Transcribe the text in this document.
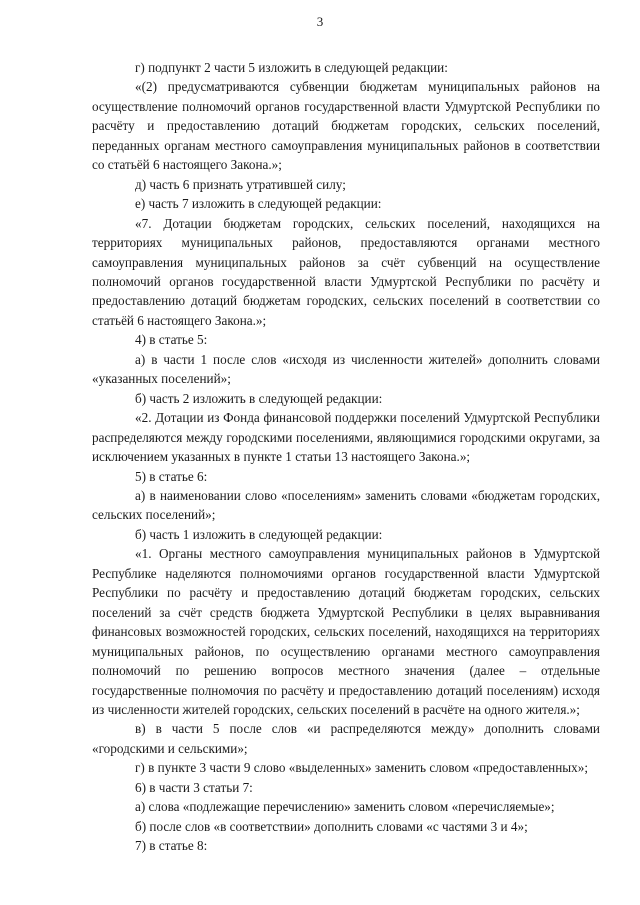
3

г) подпункт 2 части 5 изложить в следующей редакции:

«(2) предусматриваются субвенции бюджетам муниципальных районов на осуществление полномочий органов государственной власти Удмуртской Республики по расчёту и предоставлению дотаций бюджетам городских, сельских поселений, переданных органам местного самоуправления муниципальных районов в соответствии со статьёй 6 настоящего Закона.»;

д) часть 6 признать утратившей силу;

е) часть 7 изложить в следующей редакции:

«7. Дотации бюджетам городских, сельских поселений, находящихся на территориях муниципальных районов, предоставляются органами местного самоуправления муниципальных районов за счёт субвенций на осуществление полномочий органов государственной власти Удмуртской Республики по расчёту и предоставлению дотаций бюджетам городских, сельских поселений в соответствии со статьёй 6 настоящего Закона.»;

4) в статье 5:

а) в части 1 после слов «исходя из численности жителей» дополнить словами «указанных поселений»;

б) часть 2 изложить в следующей редакции:

«2. Дотации из Фонда финансовой поддержки поселений Удмуртской Республики распределяются между городскими поселениями, являющимися городскими округами, за исключением указанных в пункте 1 статьи 13 настоящего Закона.»;

5) в статье 6:

а) в наименовании слово «поселениям» заменить словами «бюджетам городских, сельских поселений»;

б) часть 1 изложить в следующей редакции:

«1. Органы местного самоуправления муниципальных районов в Удмуртской Республике наделяются полномочиями органов государственной власти Удмуртской Республики по расчёту и предоставлению дотаций бюджетам городских, сельских поселений за счёт средств бюджета Удмуртской Республики в целях выравнивания финансовых возможностей городских, сельских поселений, находящихся на территориях муниципальных районов, по осуществлению органами местного самоуправления полномочий по решению вопросов местного значения (далее – отдельные государственные полномочия по расчёту и предоставлению дотаций поселениям) исходя из численности жителей городских, сельских поселений в расчёте на одного жителя.»;

в) в части 5 после слов «и распределяются между» дополнить словами «городскими и сельскими»;

г) в пункте 3 части 9 слово «выделенных» заменить словом «предоставленных»;

6) в части 3 статьи 7:

а) слова «подлежащие перечислению» заменить словом «перечисляемые»;

б) после слов «в соответствии» дополнить словами «с частями 3 и 4»;

7) в статье 8:
